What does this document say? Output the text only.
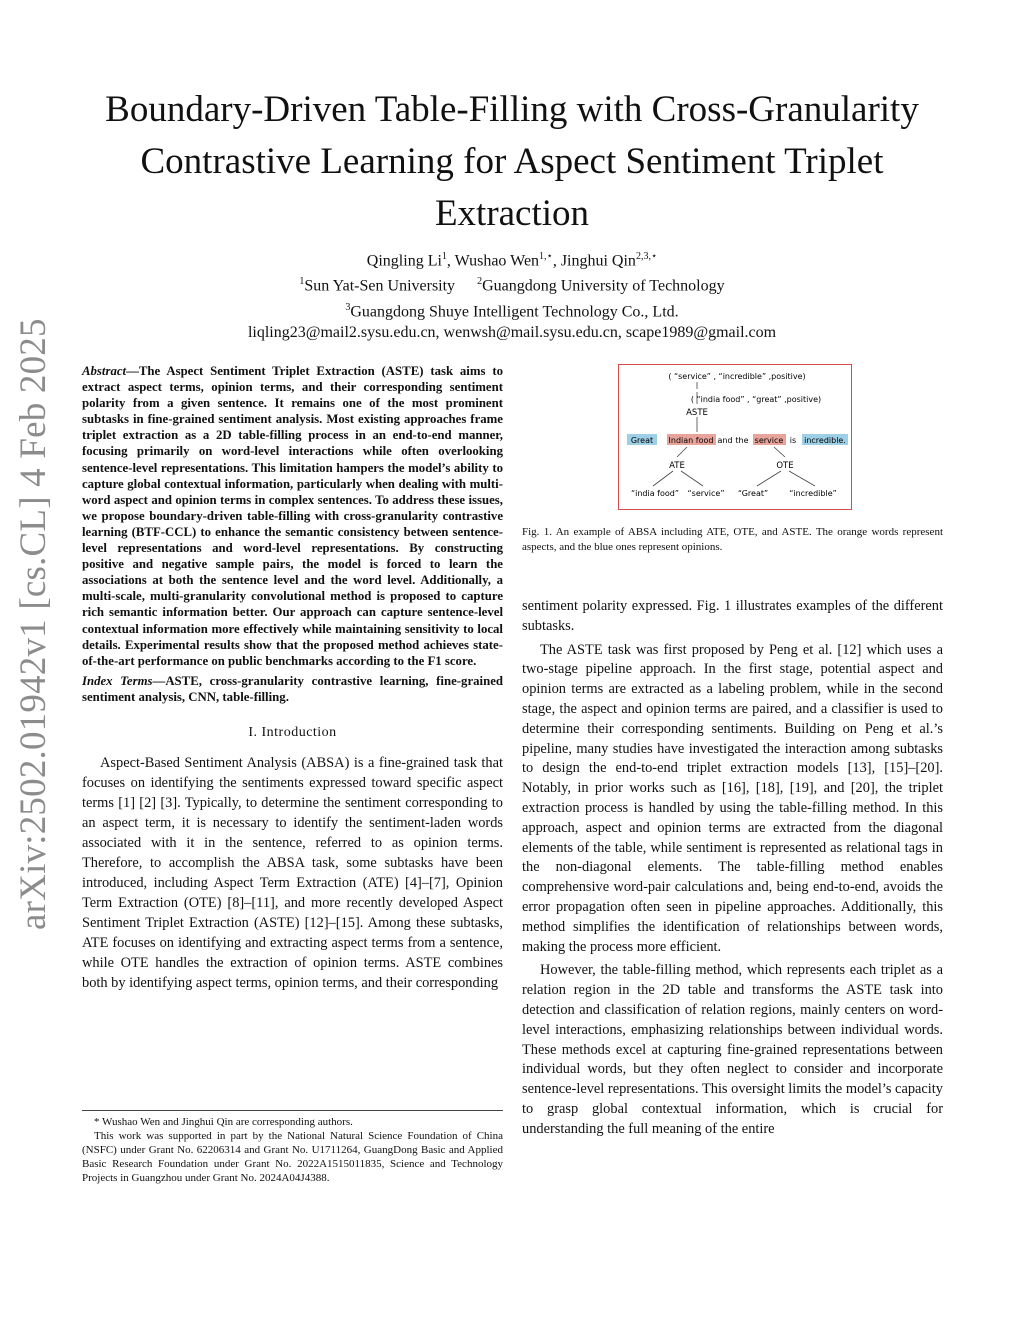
arXiv:2502.01942v1 [cs.CL] 4 Feb 2025
Boundary-Driven Table-Filling with Cross-Granularity Contrastive Learning for Aspect Sentiment Triplet Extraction
Qingling Li$^1$, Wushao Wen$^{1,⋆}$, Jinghui Qin$^{2,3,⋆}$
$^1$Sun Yat-Sen University $^2$Guangdong University of Technology
$^3$Guangdong Shuye Intelligent Technology Co., Ltd.
liqling23@mail2.sysu.edu.cn, wenwsh@mail.sysu.edu.cn, scape1989@gmail.com

Abstract—The Aspect Sentiment Triplet Extraction (ASTE) task aims to extract aspect terms, opinion terms, and their corresponding sentiment polarity from a given sentence. It remains one of the most prominent subtasks in fine-grained sentiment analysis. Most existing approaches frame triplet extraction as a 2D table-filling process in an end-to-end manner, focusing primarily on word-level interactions while often overlooking sentence-level representations. This limitation hampers the model’s ability to capture global contextual information, particularly when dealing with multi-word aspect and opinion terms in complex sentences. To address these issues, we propose boundary-driven table-filling with cross-granularity contrastive learning (BTF-CCL) to enhance the semantic consistency between sentence-level representations and word-level representations. By constructing positive and negative sample pairs, the model is forced to learn the associations at both the sentence level and the word level. Additionally, a multi-scale, multi-granularity convolutional method is proposed to capture rich semantic information better. Our approach can capture sentence-level contextual information more effectively while maintaining sensitivity to local details. Experimental results show that the proposed method achieves state-of-the-art performance on public benchmarks according to the F1 score.

Index Terms—ASTE, cross-granularity contrastive learning, fine-grained sentiment analysis, CNN, table-filling.

I. Introduction

Aspect-Based Sentiment Analysis (ABSA) is a fine-grained task that focuses on identifying the sentiments expressed toward specific aspect terms [1] [2] [3]. Typically, to determine the sentiment corresponding to an aspect term, it is necessary to identify the sentiment-laden words associated with it in the sentence, referred to as opinion terms. Therefore, to accomplish the ABSA task, some subtasks have been introduced, including Aspect Term Extraction (ATE) [4]–[7], Opinion Term Extraction (OTE) [8]–[11], and more recently developed Aspect Sentiment Triplet Extraction (ASTE) [12]–[15]. Among these subtasks, ATE focuses on identifying and extracting aspect terms from a sentence, while OTE handles the extraction of opinion terms. ASTE combines both by identifying aspect terms, opinion terms, and their corresponding

* Wushao Wen and Jinghui Qin are corresponding authors.

This work was supported in part by the National Natural Science Foundation of China (NSFC) under Grant No. 62206314 and Grant No. U1711264, GuangDong Basic and Applied Basic Research Foundation under Grant No. 2022A1515011835, Science and Technology Projects in Guangzhou under Grant No. 2024A04J4388.

( “service” , “incredible” ,positive)
( “india food” , “great” ,positive)
ASTE
Great Indian food and the service is incredible.
ATE	OTE
“india food” “service” “Great”	“incredible”
Fig. 1. An example of ABSA including ATE, OTE, and ASTE. The orange words represent aspects, and the blue ones represent opinions.

sentiment polarity expressed. Fig. 1 illustrates examples of the different subtasks.

The ASTE task was first proposed by Peng et al. [12] which uses a two-stage pipeline approach. In the first stage, potential aspect and opinion terms are extracted as a labeling problem, while in the second stage, the aspect and opinion terms are paired, and a classifier is used to determine their corresponding sentiments. Building on Peng et al.’s pipeline, many studies have investigated the interaction among subtasks to design the end-to-end triplet extraction models [13], [15]–[20]. Notably, in prior works such as [16], [18], [19], and [20], the triplet extraction process is handled by using the table-filling method. In this approach, aspect and opinion terms are extracted from the diagonal elements of the table, while sentiment is represented as relational tags in the non-diagonal elements. The table-filling method enables comprehensive word-pair calculations and, being end-to-end, avoids the error propagation often seen in pipeline approaches. Additionally, this method simplifies the identification of relationships between words, making the process more efficient.

However, the table-filling method, which represents each triplet as a relation region in the 2D table and transforms the ASTE task into detection and classification of relation regions, mainly centers on word-level interactions, emphasizing relationships between individual words. These methods excel at capturing fine-grained representations between individual words, but they often neglect to consider and incorporate sentence-level representations. This oversight limits the model’s capacity to grasp global contextual information, which is crucial for understanding the full meaning of the entire
